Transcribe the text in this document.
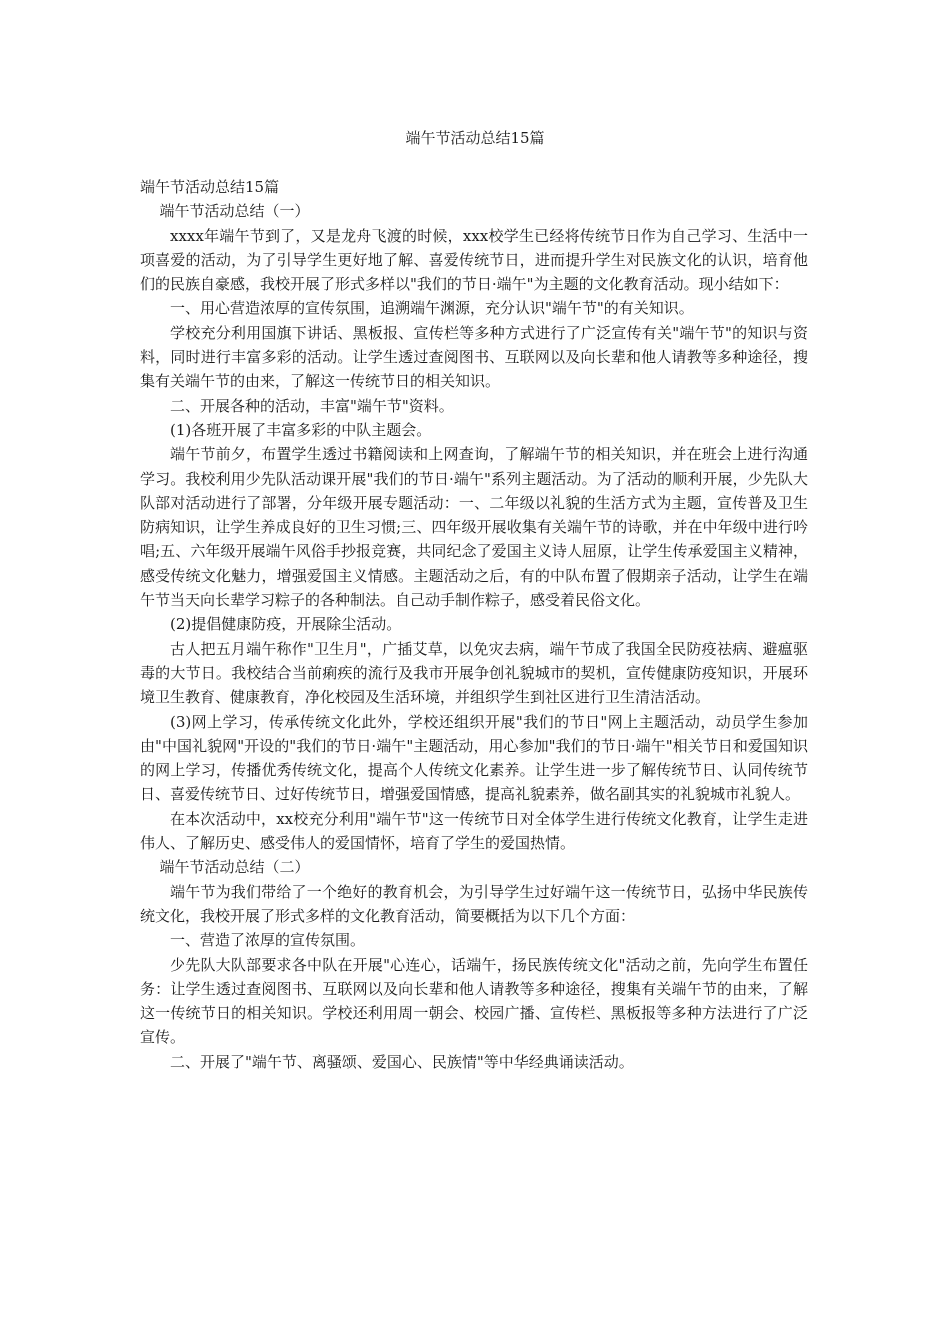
端午节活动总结15篇

端午节活动总结15篇

端午节活动总结（一）

xxxx年端午节到了，又是龙舟飞渡的时候，xxx校学生已经将传统节日作为自己学习、生活中一项喜爱的活动，为了引导学生更好地了解、喜爱传统节日，进而提升学生对民族文化的认识，培育他们的民族自豪感，我校开展了形式多样以"我们的节日·端午"为主题的文化教育活动。现小结如下：

一、用心营造浓厚的宣传氛围，追溯端午渊源，充分认识"端午节"的有关知识。

学校充分利用国旗下讲话、黑板报、宣传栏等多种方式进行了广泛宣传有关"端午节"的知识与资料，同时进行丰富多彩的活动。让学生透过查阅图书、互联网以及向长辈和他人请教等多种途径，搜集有关端午节的由来，了解这一传统节日的相关知识。

二、开展各种的活动，丰富"端午节"资料。

(1)各班开展了丰富多彩的中队主题会。

端午节前夕，布置学生透过书籍阅读和上网查询，了解端午节的相关知识，并在班会上进行沟通学习。我校利用少先队活动课开展"我们的节日·端午"系列主题活动。为了活动的顺利开展，少先队大队部对活动进行了部署，分年级开展专题活动：一、二年级以礼貌的生活方式为主题，宣传普及卫生防病知识，让学生养成良好的卫生习惯;三、四年级开展收集有关端午节的诗歌，并在中年级中进行吟唱;五、六年级开展端午风俗手抄报竞赛，共同纪念了爱国主义诗人屈原，让学生传承爱国主义精神，感受传统文化魅力，增强爱国主义情感。主题活动之后，有的中队布置了假期亲子活动，让学生在端午节当天向长辈学习粽子的各种制法。自己动手制作粽子，感受着民俗文化。

(2)提倡健康防疫，开展除尘活动。

古人把五月端午称作"卫生月"，广插艾草，以免灾去病，端午节成了我国全民防疫祛病、避瘟驱毒的大节日。我校结合当前痢疾的流行及我市开展争创礼貌城市的契机，宣传健康防疫知识，开展环境卫生教育、健康教育，净化校园及生活环境，并组织学生到社区进行卫生清洁活动。

(3)网上学习，传承传统文化此外，学校还组织开展"我们的节日"网上主题活动，动员学生参加由"中国礼貌网"开设的"我们的节日·端午"主题活动，用心参加"我们的节日·端午"相关节日和爱国知识的网上学习，传播优秀传统文化，提高个人传统文化素养。让学生进一步了解传统节日、认同传统节日、喜爱传统节日、过好传统节日，增强爱国情感，提高礼貌素养，做名副其实的礼貌城市礼貌人。

在本次活动中，xx校充分利用"端午节"这一传统节日对全体学生进行传统文化教育，让学生走进伟人、了解历史、感受伟人的爱国情怀，培育了学生的爱国热情。

端午节活动总结（二）

端午节为我们带给了一个绝好的教育机会，为引导学生过好端午这一传统节日，弘扬中华民族传统文化，我校开展了形式多样的文化教育活动，简要概括为以下几个方面：

一、营造了浓厚的宣传氛围。

少先队大队部要求各中队在开展"心连心，话端午，扬民族传统文化"活动之前，先向学生布置任务：让学生透过查阅图书、互联网以及向长辈和他人请教等多种途径，搜集有关端午节的由来，了解这一传统节日的相关知识。学校还利用周一朝会、校园广播、宣传栏、黑板报等多种方法进行了广泛宣传。

二、开展了"端午节、离骚颂、爱国心、民族情"等中华经典诵读活动。
